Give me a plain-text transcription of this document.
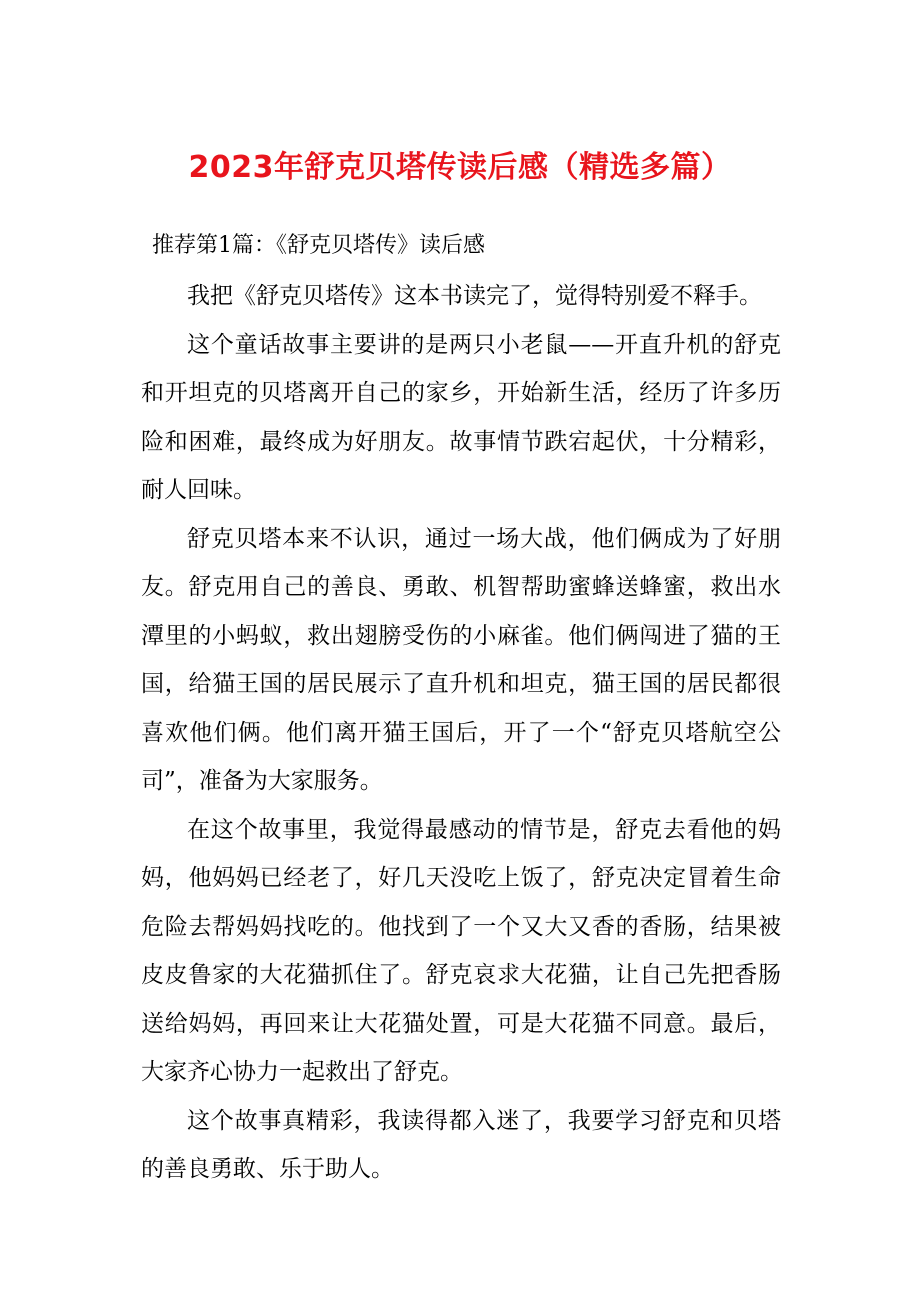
2023年舒克贝塔传读后感（精选多篇）

推荐第1篇：《舒克贝塔传》读后感

我把《舒克贝塔传》这本书读完了，觉得特别爱不释手。

这个童话故事主要讲的是两只小老鼠——开直升机的舒克和开坦克的贝塔离开自己的家乡，开始新生活，经历了许多历险和困难，最终成为好朋友。故事情节跌宕起伏，十分精彩，耐人回味。

舒克贝塔本来不认识，通过一场大战，他们俩成为了好朋友。舒克用自己的善良、勇敢、机智帮助蜜蜂送蜂蜜，救出水潭里的小蚂蚁，救出翅膀受伤的小麻雀。他们俩闯进了猫的王国，给猫王国的居民展示了直升机和坦克，猫王国的居民都很喜欢他们俩。他们离开猫王国后，开了一个“舒克贝塔航空公司”，准备为大家服务。

在这个故事里，我觉得最感动的情节是，舒克去看他的妈妈，他妈妈已经老了，好几天没吃上饭了，舒克决定冒着生命危险去帮妈妈找吃的。他找到了一个又大又香的香肠，结果被皮皮鲁家的大花猫抓住了。舒克哀求大花猫，让自己先把香肠送给妈妈，再回来让大花猫处置，可是大花猫不同意。最后，大家齐心协力一起救出了舒克。

这个故事真精彩，我读得都入迷了，我要学习舒克和贝塔的善良勇敢、乐于助人。
